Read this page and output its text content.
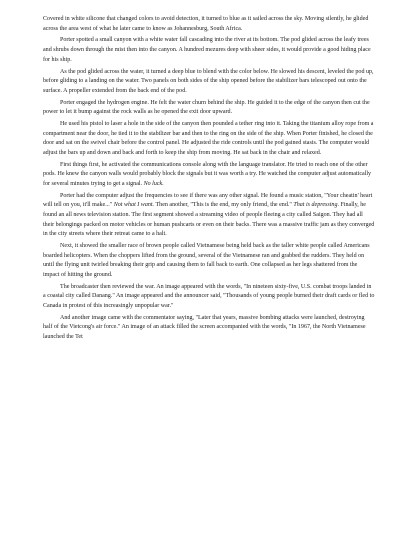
Covered in white silicone that changed colors to avoid detection, it turned to blue as it sailed across the sky. Moving silently, he glided across the area west of what he later came to know as Johannesburg, South Africa.

Porter spotted a small canyon with a white water fall cascading into the river at its bottom. The pod glided across the leafy trees and shrubs down through the mist then into the canyon. A hundred mezures deep with sheer sides, it would provide a good hiding place for his ship.

As the pod glided across the water, it turned a deep blue to blend with the color below. He slowed his descent, leveled the pod up, before gliding to a landing on the water. Two panels on both sides of the ship opened before the stabilizer bars telescoped out onto the surface. A propeller extended from the back end of the pod.

Porter engaged the hydrogen engine. He felt the water churn behind the ship. He guided it to the edge of the canyon then cut the power to let it bump against the rock walls as he opened the exit door upward.

He used his pistol to laser a hole in the side of the canyon then pounded a tether ring into it. Taking the titanium alloy rope from a compartment near the door, he tied it to the stabilizer bar and then to the ring on the side of the ship. When Porter finished, he closed the door and sat on the swivel chair before the control panel. He adjusted the ride controls until the pod gained stasis. The computer would adjust the bars up and down and back and forth to keep the ship from moving. He sat back in the chair and relaxed.

First things first, he activated the communications console along with the language translator. He tried to reach one of the other pods. He knew the canyon walls would probably block the signals but it was worth a try. He watched the computer adjust automatically for several minutes trying to get a signal. No luck.

Porter had the computer adjust the frequencies to see if there was any other signal. He found a music station, "Your cheatin' heart will tell on you, it'll make..." Not what I want. Then another, "This is the end, my only friend, the end." That is depressing. Finally, he found an all news television station. The first segment showed a streaming video of people fleeing a city called Saigon. They had all their belongings packed on motor vehicles or human pushcarts or even on their backs. There was a massive traffic jam as they converged in the city streets where their retreat came to a halt.

Next, it showed the smaller race of brown people called Vietnamese being held back as the taller white people called Americans boarded helicopters. When the choppers lifted from the ground, several of the Vietnamese ran and grabbed the rudders. They held on until the flying unit twirled breaking their grip and causing them to fall back to earth. One collapsed as her legs shattered from the impact of hitting the ground.

The broadcaster then reviewed the war. An image appeared with the words, "In nineteen sixty-five, U.S. combat troops landed in a coastal city called Danang." An image appeared and the announcer said, "Thousands of young people burned their draft cards or fled to Canada in protest of this increasingly unpopular war."

And another image came with the commentator saying, "Later that years, massive bombing attacks were launched, destroying half of the Vietcong's air force." An image of an attack filled the screen accompanied with the words, "In 1967, the North Vietnamese launched the Tet
